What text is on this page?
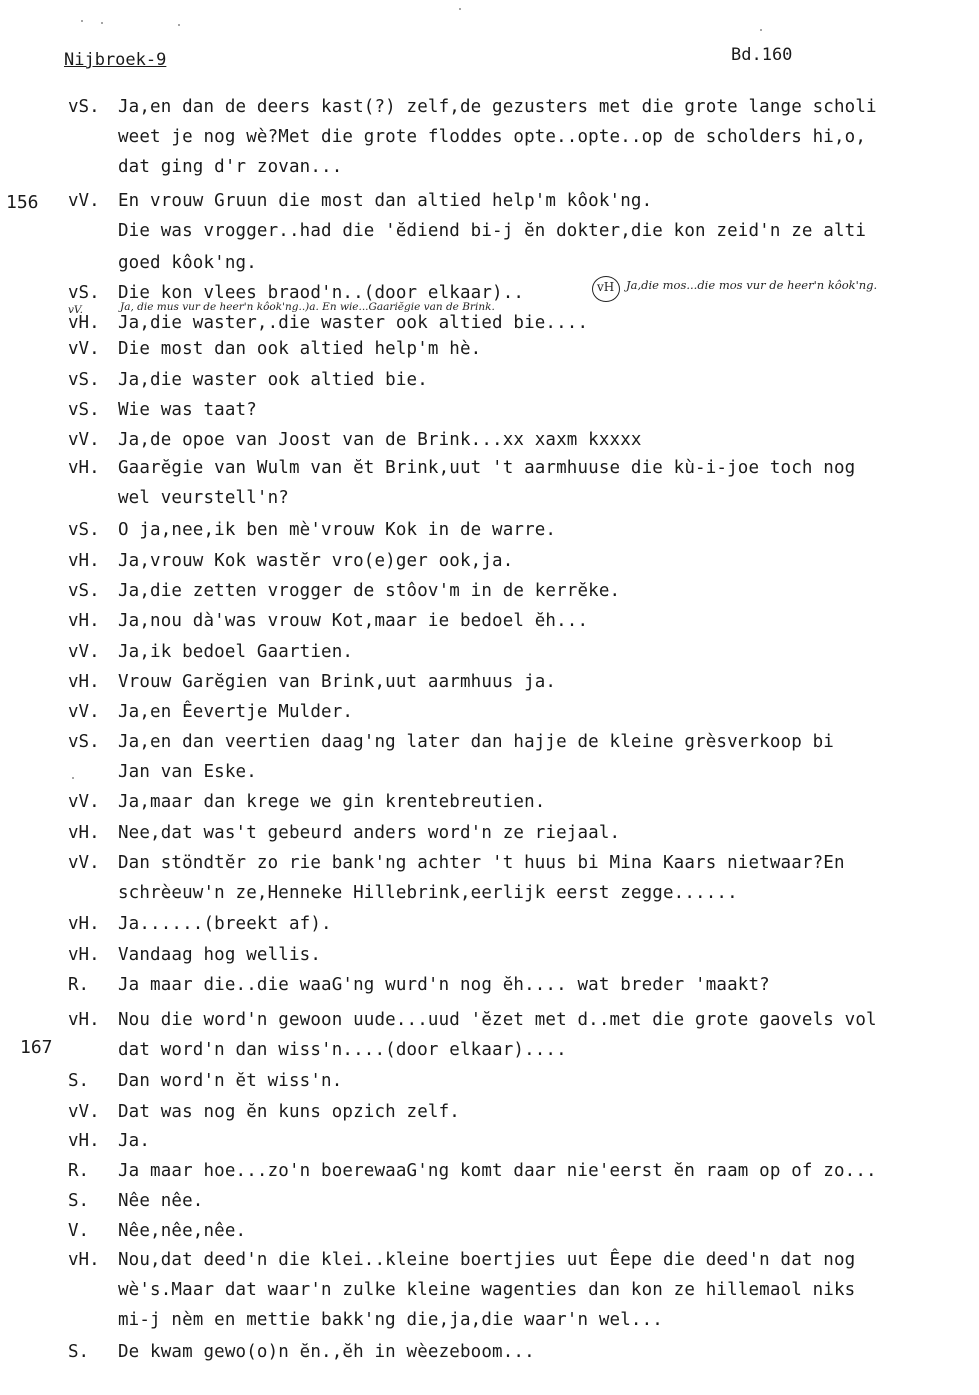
Nijbroek-9	Bd.160
156
167
vS. Ja,en dan de deers kast(?) zelf,de gezusters met die grote lange scholi
weet je nog wè?Met die grote floddes opte..opte..op de scholders hi,o,
dat ging d'r zovan...
vV. En vrouw Gruun die most dan altied help'm kôok'ng.
Die was vrogger..had die 'ĕdiend bi-j ĕn dokter,die kon zeid'n ze alti
goed kôok'ng.
vS. Die kon vlees braod'n..(door elkaar)..
vH. Ja,die waster,.die waster ook altied bie....
vV. Die most dan ook altied help'm hè.
vS. Ja,die waster ook altied bie.
vS. Wie was taat?
vV. Ja,de opoe van Joost van de Brink...xx xaxm kxxxx
vH. Gaarĕgie van Wulm van ĕt Brink,uut 't aarmhuuse die kù-i-joe toch nog
wel veurstell'n?
vS. O ja,nee,ik ben mè'vrouw Kok in de warre.
vH. Ja,vrouw Kok wastĕr vro(e)ger ook,ja.
vS. Ja,die zetten vrogger de stôov'm in de kerrĕke.
vH. Ja,nou dà'was vrouw Kot,maar ie bedoel ĕh...
vV. Ja,ik bedoel Gaartien.
vH. Vrouw Garĕgien van Brink,uut aarmhuus ja.
vV. Ja,en Êevertje Mulder.
vS. Ja,en dan veertien daag'ng later dan hajje de kleine grèsverkoop bi
Jan van Eske.
vV. Ja,maar dan krege we gin krentebreutien.
vH. Nee,dat was't gebeurd anders word'n ze riejaal.
vV. Dan stöndtĕr zo rie bank'ng achter 't huus bi Mina Kaars nietwaar?En
schrèeuw'n ze,Henneke Hillebrink,eerlijk eerst zegge......
vH. Ja......(breekt af).
vH. Vandaag hog wellis.
R. Ja maar die..die waaG'ng wurd'n nog ĕh.... wat breder 'maakt?
vH. Nou die word'n gewoon uude...uud 'ĕzet met d..met die grote gaovels vol
dat word'n dan wiss'n....(door elkaar)....
S. Dan word'n ĕt wiss'n.
vV. Dat was nog ĕn kuns opzich zelf.
vH. Ja.
R. Ja maar hoe...zo'n boerewaaG'ng komt daar nie'eerst ĕn raam op of zo...
S. Nêe nêe.
V. Nêe,nêe,nêe.
vH. Nou,dat deed'n die klei..kleine boertjies uut Êepe die deed'n dat nog
wè's.Maar dat waar'n zulke kleine wagenties dan kon ze hillemaol niks
mi-j nèm en mettie bakk'ng die,ja,die waar'n wel...
S. De kwam gewo(o)n ĕn.,ĕh in wèezeboom...
vH Ja,die mos...die mos vur de heer'n kôok'ng.
vV.	Ja, die mus vur de heer'n kôok'ng..)a. En wie...Gaariĕgie van de Brink.
